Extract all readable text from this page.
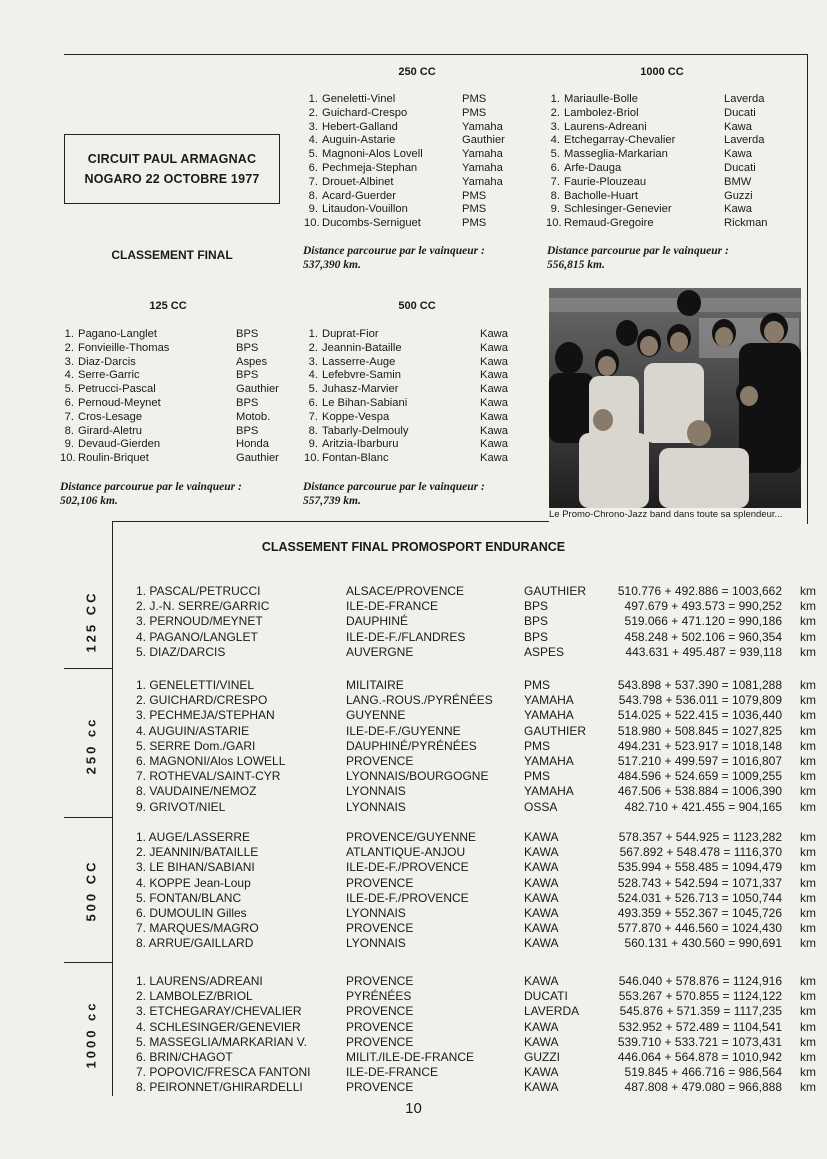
CIRCUIT PAUL ARMAGNAC
NOGARO 22 OCTOBRE 1977
CLASSEMENT FINAL
250 CC
1. Geneletti-Vinel	PMS
2. Guichard-Crespo	PMS
3. Hebert-Galland	Yamaha
4. Auguin-Astarie	Gauthier
5. Magnoni-Alos Lovell	Yamaha
6. Pechmeja-Stephan	Yamaha
7. Drouet-Albinet	Yamaha
8. Acard-Guerder	PMS
9. Litaudon-Vouillon	PMS
10. Ducombs-Serniguet	PMS
Distance parcourue par le vainqueur :
537,390 km.
1000 CC
1. Mariaulle-Bolle	Laverda
2. Lambolez-Briol	Ducati
3. Laurens-Adreani	Kawa
4. Etchegarray-Chevalier	Laverda
5. Masseglia-Markarian	Kawa
6. Arfe-Dauga	Ducati
7. Faurie-Plouzeau	BMW
8. Bacholle-Huart	Guzzi
9. Schlesinger-Genevier	Kawa
10. Remaud-Gregoire	Rickman
Distance parcourue par le vainqueur :
556,815 km.
125 CC
1. Pagano-Langlet	BPS
2. Fonvieille-Thomas	BPS
3. Diaz-Darcis	Aspes
4. Serre-Garric	BPS
5. Petrucci-Pascal	Gauthier
6. Pernoud-Meynet	BPS
7. Cros-Lesage	Motob.
8. Girard-Aletru	BPS
9. Devaud-Gierden	Honda
10. Roulin-Briquet	Gauthier
Distance parcourue par le vainqueur :
502,106 km.
500 CC
1. Duprat-Fior	Kawa
2. Jeannin-Bataille	Kawa
3. Lasserre-Auge	Kawa
4. Lefebvre-Samin	Kawa
5. Juhasz-Marvier	Kawa
6. Le Bihan-Sabiani	Kawa
7. Koppe-Vespa	Kawa
8. Tabarly-Delmouly	Kawa
9. Aritzia-Ibarburu	Kawa
10. Fontan-Blanc	Kawa
Distance parcourue par le vainqueur :
557,739 km.
Le Promo-Chrono-Jazz band dans toute sa splendeur...
CLASSEMENT FINAL PROMOSPORT ENDURANCE
125 CC	1. PASCAL/PETRUCCI	ALSACE/PROVENCE	GAUTHIER	510.776 + 492.886 = 1003,662	km
2. J.-N. SERRE/GARRIC	ILE-DE-FRANCE	BPS	497.679 + 493.573 = 990,252	km
3. PERNOUD/MEYNET	DAUPHINÉ	BPS	519.066 + 471.120 = 990,186	km
4. PAGANO/LANGLET	ILE-DE-F./FLANDRES	BPS	458.248 + 502.106 = 960,354	km
5. DIAZ/DARCIS	AUVERGNE	ASPES	443.631 + 495.487 = 939,118	km
250 cc
1. GENELETTI/VINEL	MILITAIRE	PMS	543.898 + 537.390 = 1081,288	km
2. GUICHARD/CRESPO	LANG.-ROUS./PYRÉNÉES	YAMAHA	543.798 + 536.011 = 1079,809	km
3. PECHMEJA/STEPHAN	GUYENNE	YAMAHA	514.025 + 522.415 = 1036,440	km
4. AUGUIN/ASTARIE	ILE-DE-F./GUYENNE	GAUTHIER	518.980 + 508.845 = 1027,825	km
5. SERRE Dom./GARI	DAUPHINÉ/PYRÉNÉES	PMS	494.231 + 523.917 = 1018,148	km
6. MAGNONI/Alos LOWELL	PROVENCE	YAMAHA	517.210 + 499.597 = 1016,807	km
7. ROTHEVAL/SAINT-CYR	LYONNAIS/BOURGOGNE	PMS	484.596 + 524.659 = 1009,255	km
8. VAUDAINE/NEMOZ	LYONNAIS	YAMAHA	467.506 + 538.884 = 1006,390	km
9. GRIVOT/NIEL	LYONNAIS	OSSA	482.710 + 421.455 = 904,165	km
500 CC
1. AUGE/LASSERRE	PROVENCE/GUYENNE	KAWA	578.357 + 544.925 = 1123,282	km
2. JEANNIN/BATAILLE	ATLANTIQUE-ANJOU	KAWA	567.892 + 548.478 = 1116,370	km
3. LE BIHAN/SABIANI	ILE-DE-F./PROVENCE	KAWA	535.994 + 558.485 = 1094,479	km
4. KOPPE Jean-Loup	PROVENCE	KAWA	528.743 + 542.594 = 1071,337	km
5. FONTAN/BLANC	ILE-DE-F./PROVENCE	KAWA	524.031 + 526.713 = 1050,744	km
6. DUMOULIN Gilles	LYONNAIS	KAWA	493.359 + 552.367 = 1045,726	km
7. MARQUES/MAGRO	PROVENCE	KAWA	577.870 + 446.560 = 1024,430	km
8. ARRUE/GAILLARD	LYONNAIS	KAWA	560.131 + 430.560 = 990,691	km
1000 cc
1. LAURENS/ADREANI	PROVENCE	KAWA	546.040 + 578.876 = 1124,916	km
2. LAMBOLEZ/BRIOL	PYRÉNÉES	DUCATI	553.267 + 570.855 = 1124,122	km
3. ETCHEGARAY/CHEVALIER	PROVENCE	LAVERDA	545.876 + 571.359 = 1117,235	km
4. SCHLESINGER/GENEVIER	PROVENCE	KAWA	532.952 + 572.489 = 1104,541	km
5. MASSEGLIA/MARKARIAN V.	PROVENCE	KAWA	539.710 + 533.721 = 1073,431	km
6. BRIN/CHAGOT	MILIT./ILE-DE-FRANCE	GUZZI	446.064 + 564.878 = 1010,942	km
7. POPOVIC/FRESCA FANTONI	ILE-DE-FRANCE	KAWA	519.845 + 466.716 = 986,564	km
8. PEIRONNET/GHIRARDELLI	PROVENCE	KAWA	487.808 + 479.080 = 966,888	km
10
